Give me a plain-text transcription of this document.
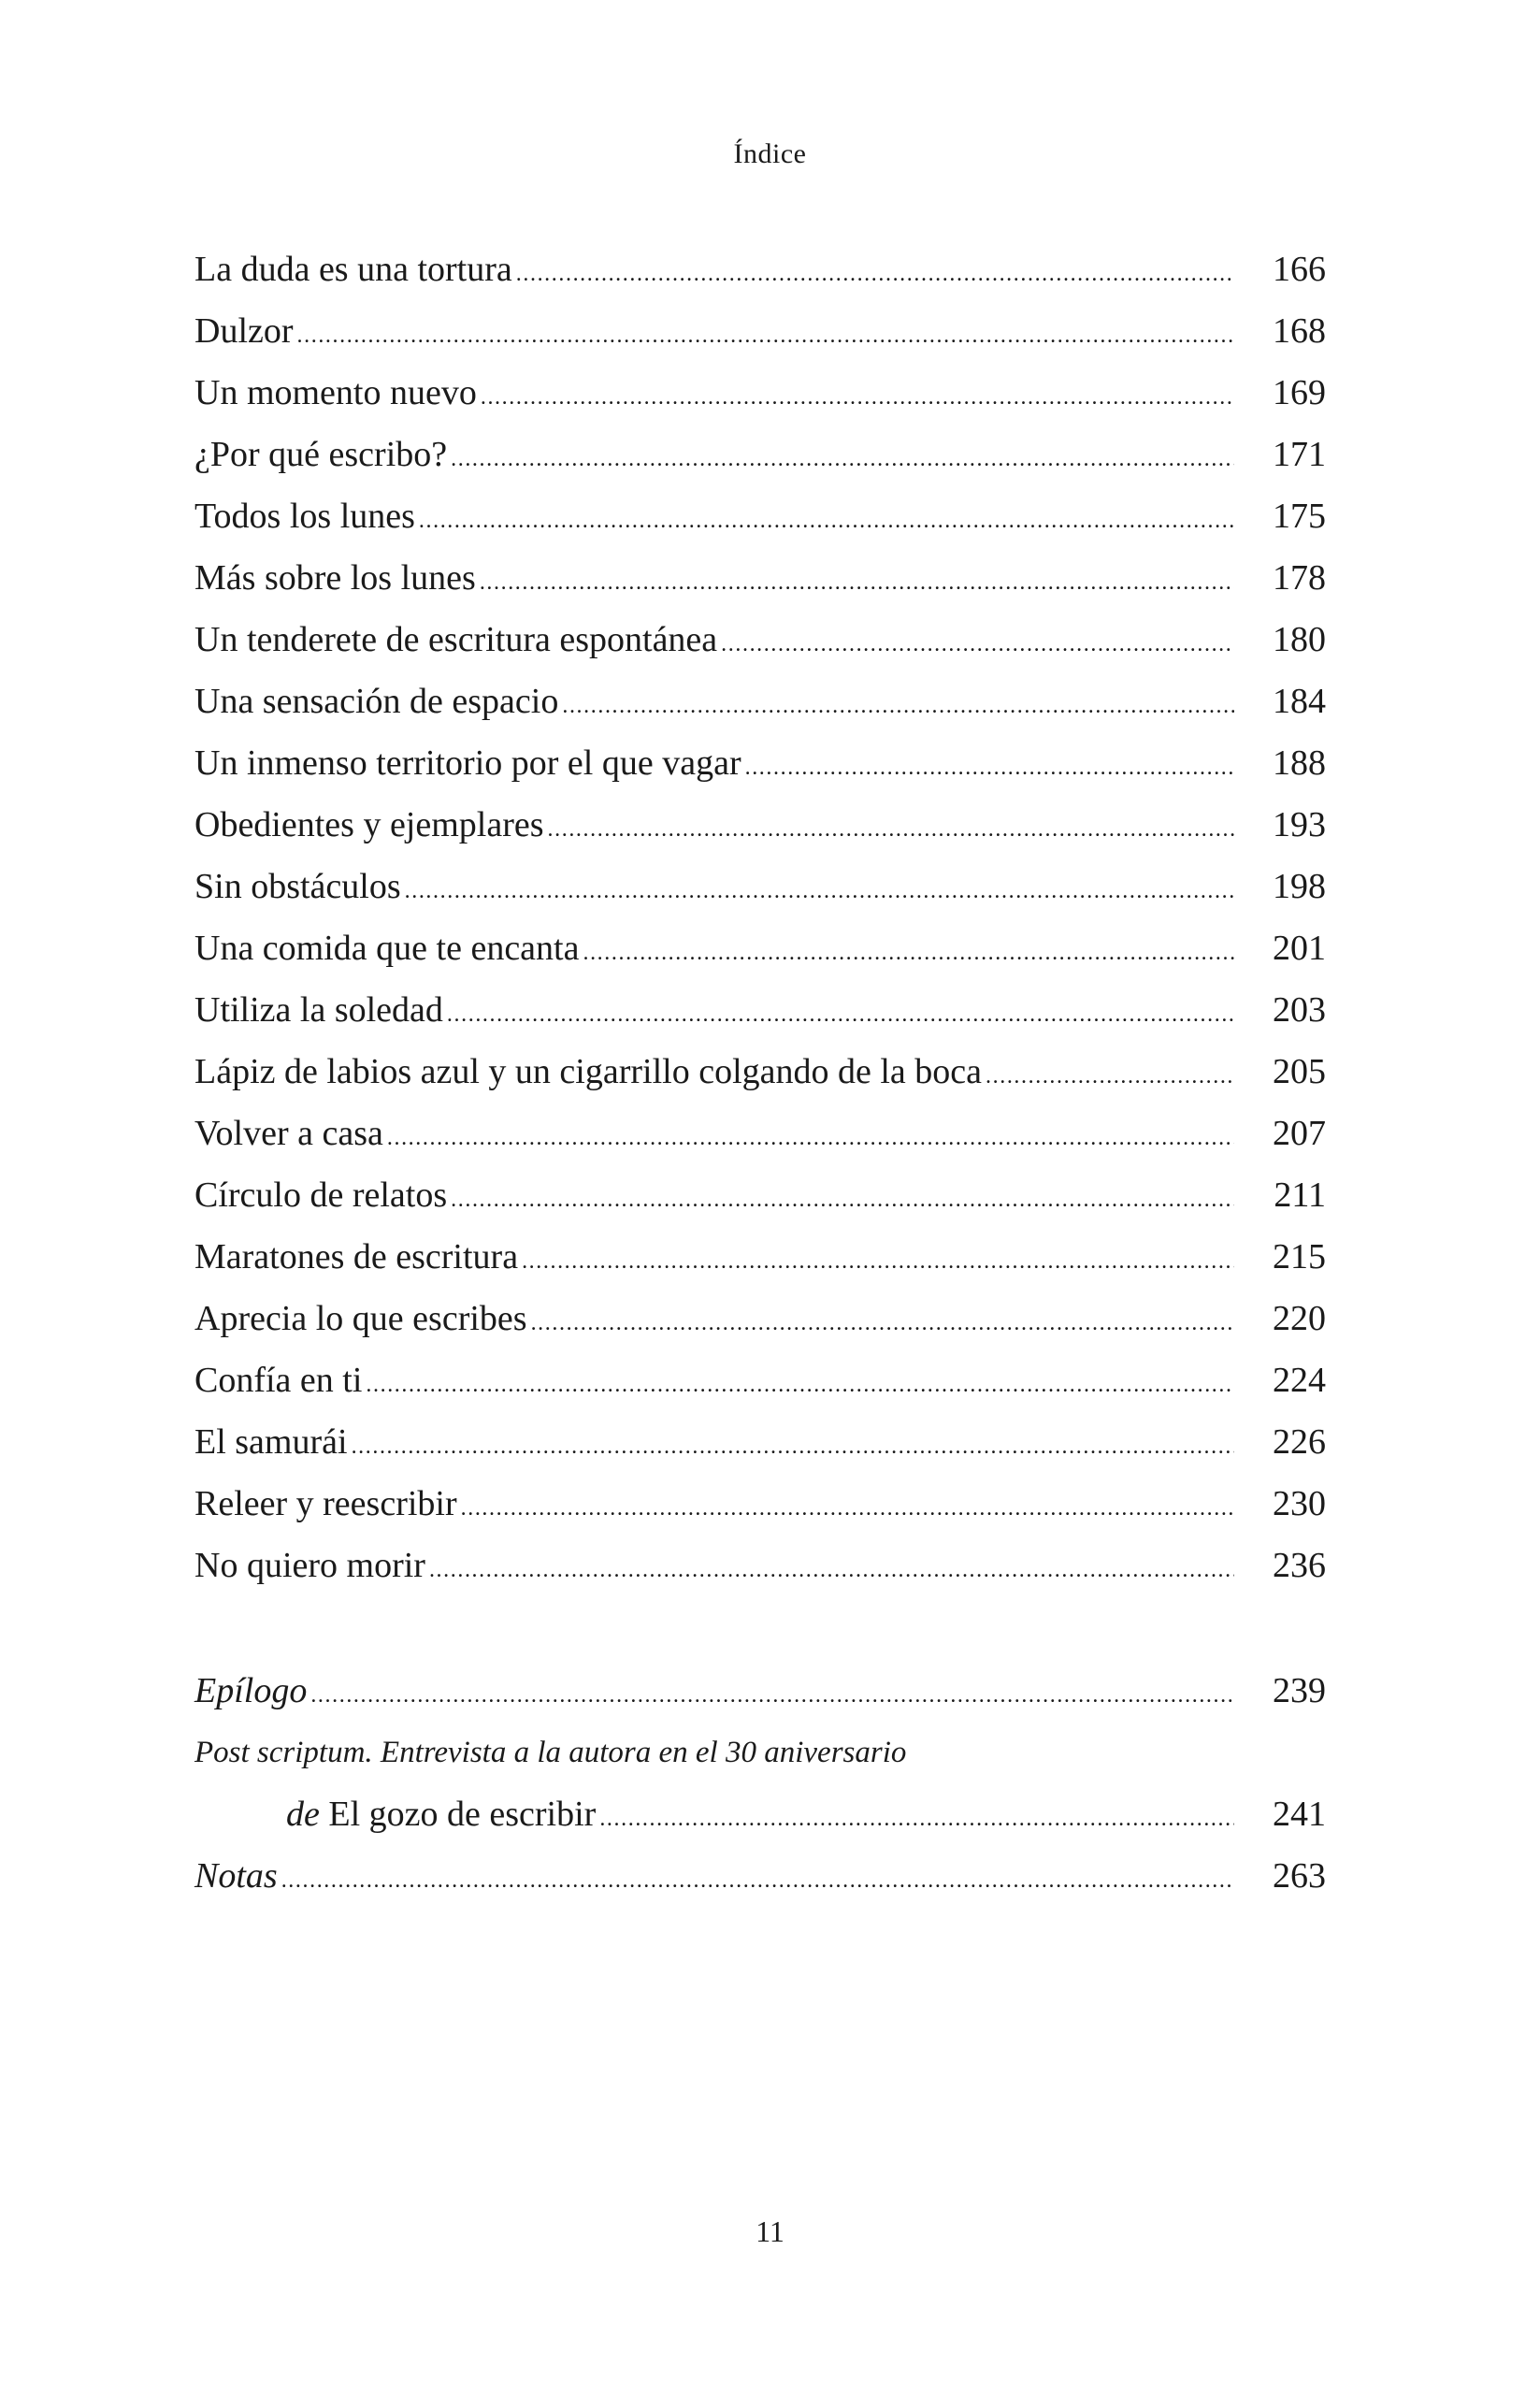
Índice
La duda es una tortura .....	166
Dulzor .....	168
Un momento nuevo .....	169
¿Por qué escribo? .....	171
Todos los lunes .....	175
Más sobre los lunes .....	178
Un tenderete de escritura espontánea .....	180
Una sensación de espacio .....	184
Un inmenso territorio por el que vagar .....	188
Obedientes y ejemplares .....	193
Sin obstáculos .....	198
Una comida que te encanta .....	201
Utiliza la soledad .....	203
Lápiz de labios azul y un cigarrillo colgando de la boca .....	205
Volver a casa .....	207
Círculo de relatos .....	211
Maratones de escritura .....	215
Aprecia lo que escribes .....	220
Confía en ti .....	224
El samurái .....	226
Releer y reescribir .....	230
No quiero morir .....	236
Epílogo .....	239
Post scriptum. Entrevista a la autora en el 30 aniversario
de El gozo de escribir .....	241
Notas .....	263
11
